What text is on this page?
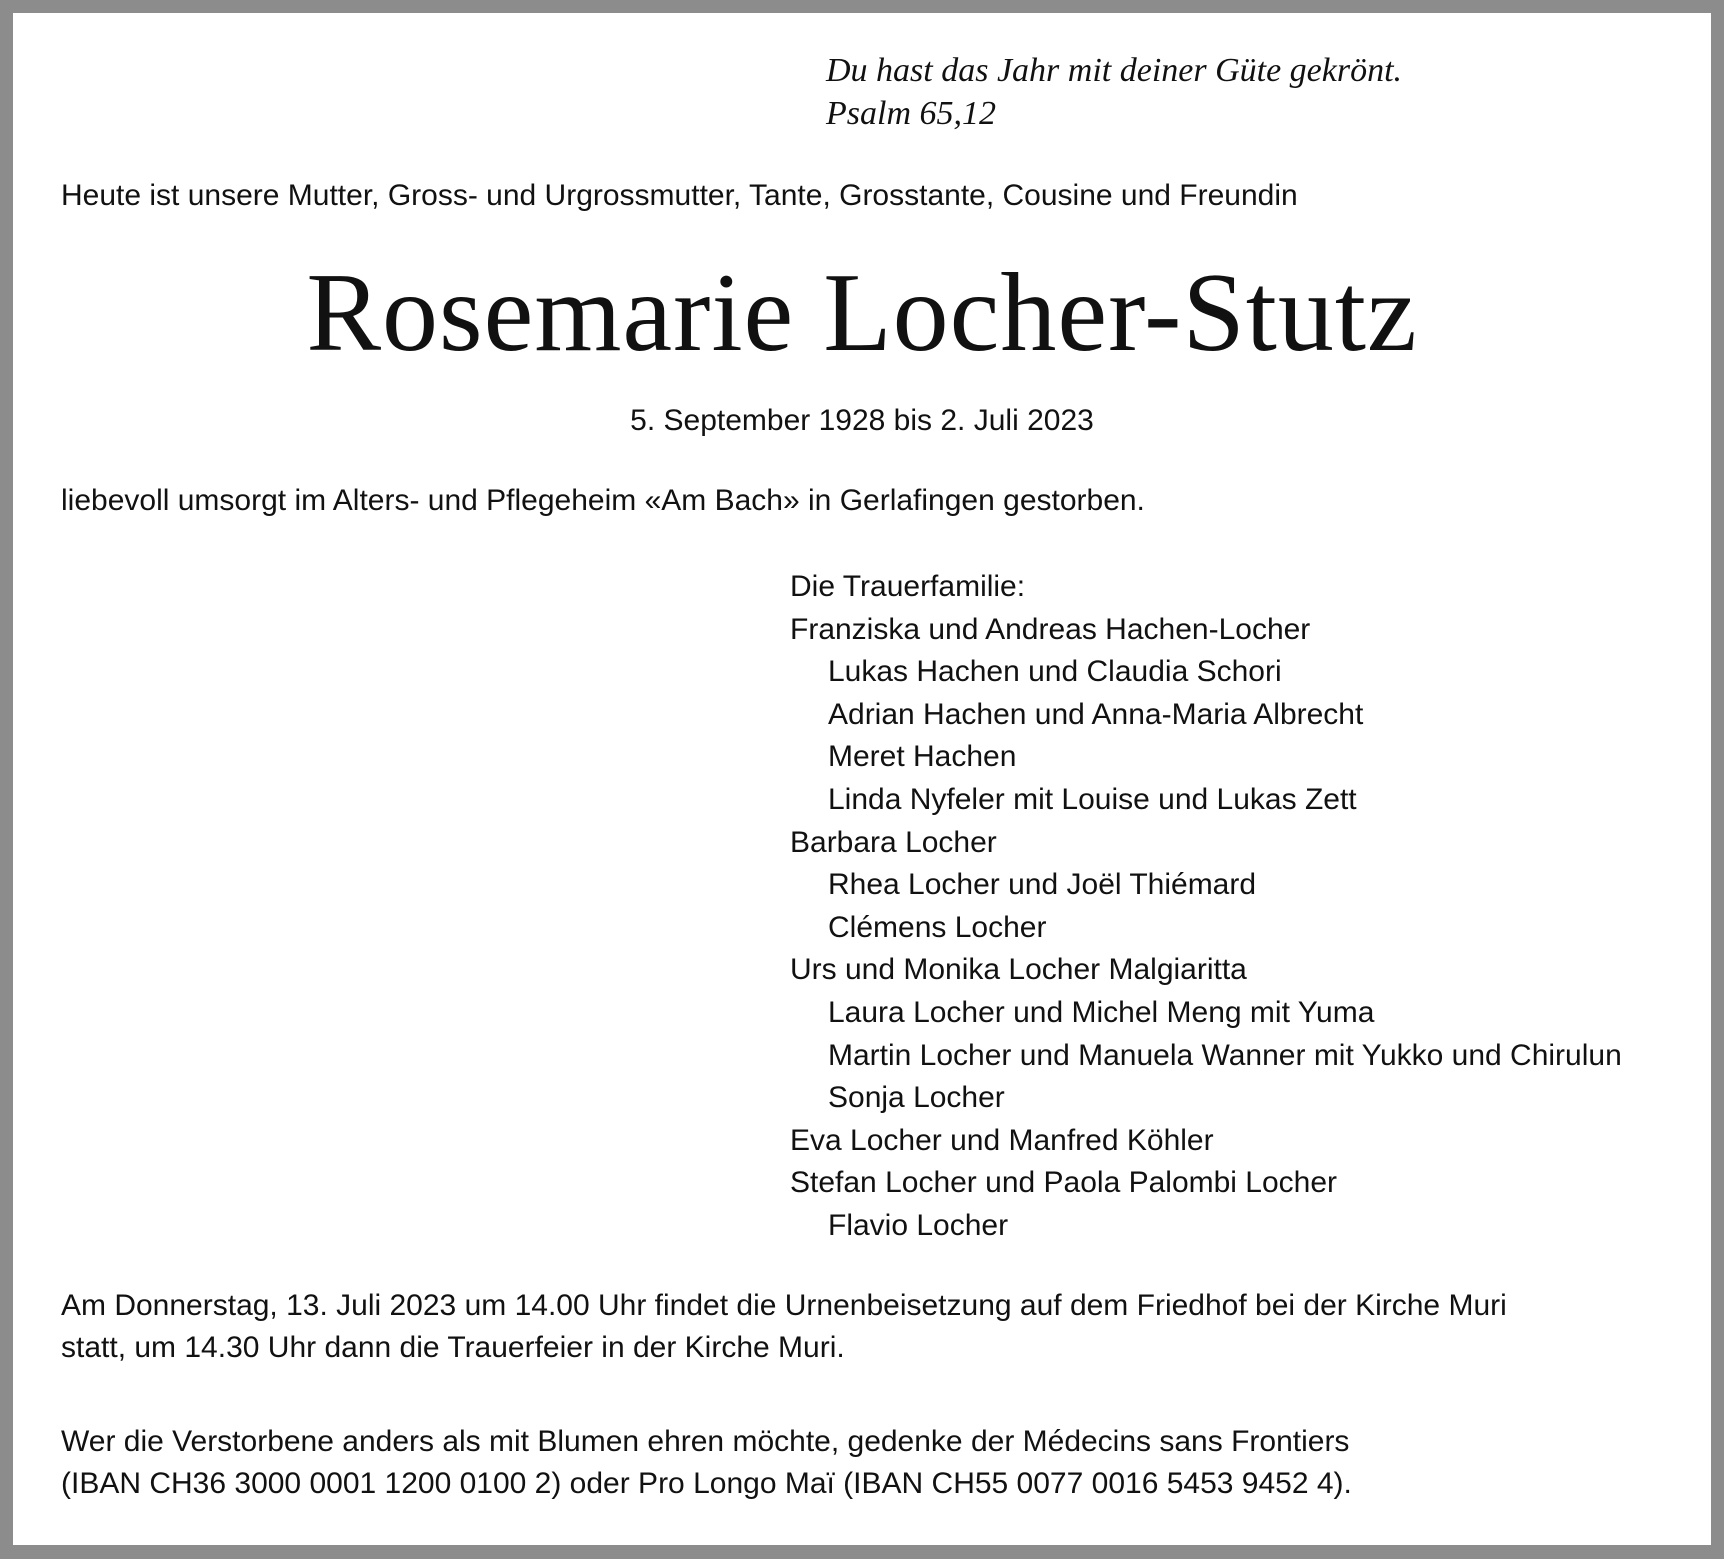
Du hast das Jahr mit deiner Güte gekrönt.
Psalm 65,12
Heute ist unsere Mutter, Gross- und Urgrossmutter, Tante, Grosstante, Cousine und Freundin
Rosemarie Locher-Stutz
5. September 1928 bis 2. Juli 2023
liebevoll umsorgt im Alters- und Pflegeheim «Am Bach» in Gerlafingen gestorben.
Die Trauerfamilie:
Franziska und Andreas Hachen-Locher
Lukas Hachen und Claudia Schori
Adrian Hachen und Anna-Maria Albrecht
Meret Hachen
Linda Nyfeler mit Louise und Lukas Zett
Barbara Locher
Rhea Locher und Joël Thiémard
Clémens Locher
Urs und Monika Locher Malgiaritta
Laura Locher und Michel Meng mit Yuma
Martin Locher und Manuela Wanner mit Yukko und Chirulun
Sonja Locher
Eva Locher und Manfred Köhler
Stefan Locher und Paola Palombi Locher
Flavio Locher
Am Donnerstag, 13. Juli 2023 um 14.00 Uhr findet die Urnenbeisetzung auf dem Friedhof bei der Kirche Muri
statt, um 14.30 Uhr dann die Trauerfeier in der Kirche Muri.
Wer die Verstorbene anders als mit Blumen ehren möchte, gedenke der Médecins sans Frontiers
(IBAN CH36 3000 0001 1200 0100 2) oder Pro Longo Maï (IBAN CH55 0077 0016 5453 9452 4).
